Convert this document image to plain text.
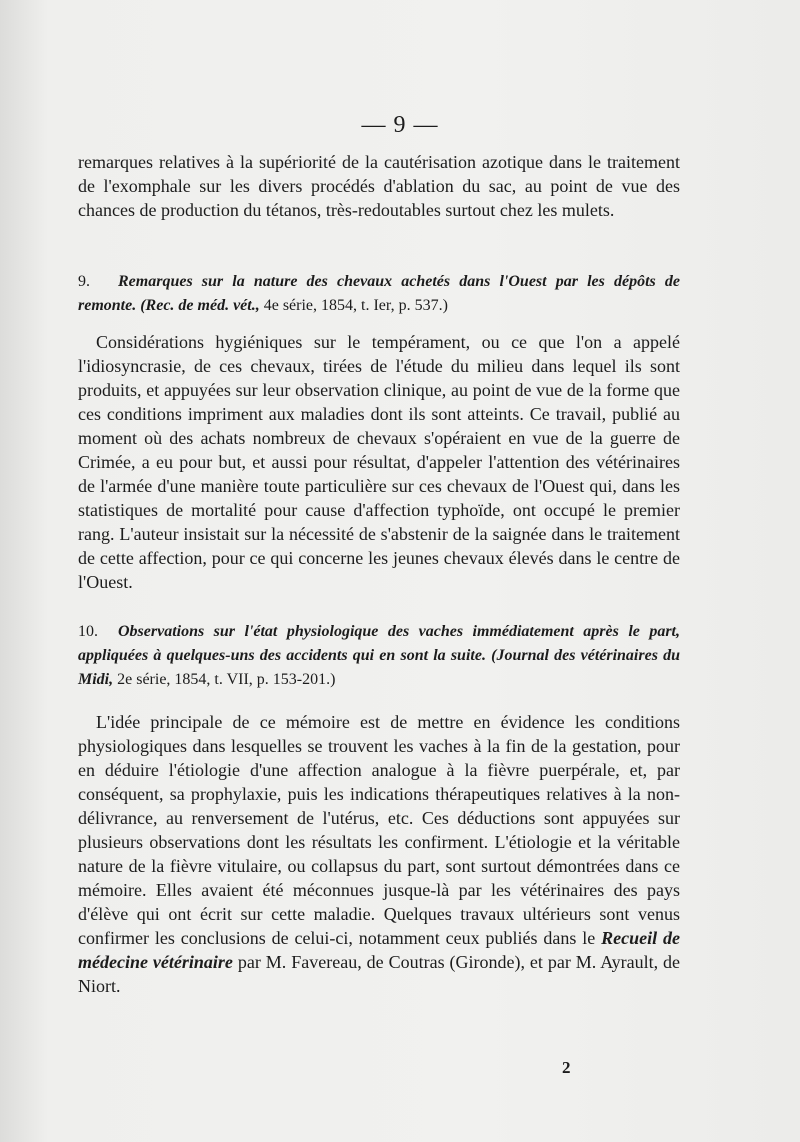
— 9 —

remarques relatives à la supériorité de la cautérisation azotique dans le traitement de l'exomphale sur les divers procédés d'ablation du sac, au point de vue des chances de production du tétanos, très-redoutables surtout chez les mulets.

9. Remarques sur la nature des chevaux achetés dans l'Ouest par les dépôts de remonte. (Rec. de méd. vét., 4e série, 1854, t. Ier, p. 537.)

Considérations hygiéniques sur le tempérament, ou ce que l'on a appelé l'idiosyncrasie, de ces chevaux, tirées de l'étude du milieu dans lequel ils sont produits, et appuyées sur leur observation clinique, au point de vue de la forme que ces conditions impriment aux maladies dont ils sont atteints. Ce travail, publié au moment où des achats nombreux de chevaux s'opéraient en vue de la guerre de Crimée, a eu pour but, et aussi pour résultat, d'appeler l'attention des vétérinaires de l'armée d'une manière toute particulière sur ces chevaux de l'Ouest qui, dans les statistiques de mortalité pour cause d'affection typhoïde, ont occupé le premier rang. L'auteur insistait sur la nécessité de s'abstenir de la saignée dans le traitement de cette affection, pour ce qui concerne les jeunes chevaux élevés dans le centre de l'Ouest.

10. Observations sur l'état physiologique des vaches immédiatement après le part, appliquées à quelques-uns des accidents qui en sont la suite. (Journal des vétérinaires du Midi, 2e série, 1854, t. VII, p. 153-201.)

L'idée principale de ce mémoire est de mettre en évidence les conditions physiologiques dans lesquelles se trouvent les vaches à la fin de la gestation, pour en déduire l'étiologie d'une affection analogue à la fièvre puerpérale, et, par conséquent, sa prophylaxie, puis les indications thérapeutiques relatives à la non-délivrance, au renversement de l'utérus, etc. Ces déductions sont appuyées sur plusieurs observations dont les résultats les confirment. L'étiologie et la véritable nature de la fièvre vitulaire, ou collapsus du part, sont surtout démontrées dans ce mémoire. Elles avaient été méconnues jusque-là par les vétérinaires des pays d'élève qui ont écrit sur cette maladie. Quelques travaux ultérieurs sont venus confirmer les conclusions de celui-ci, notamment ceux publiés dans le Recueil de médecine vétérinaire par M. Favereau, de Coutras (Gironde), et par M. Ayrault, de Niort.

2
